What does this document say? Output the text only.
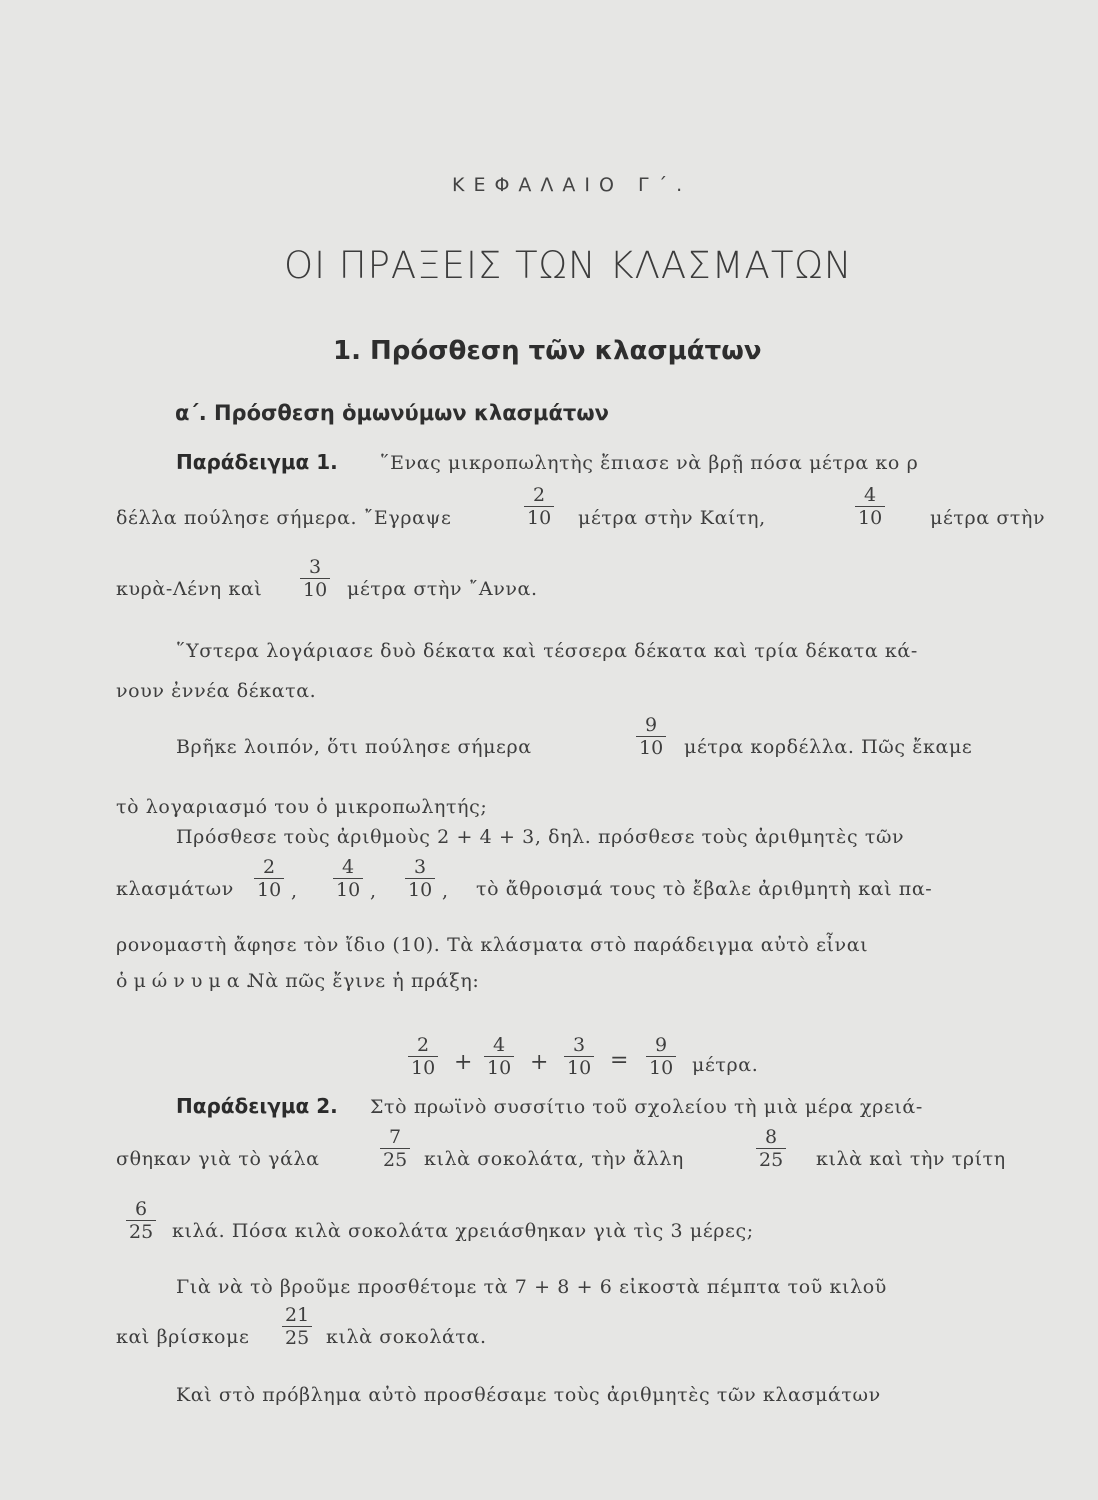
ΚΕΦΑΛΑΙΟ Γ΄.
ΟΙ ΠΡΑΞΕΙΣ ΤΩΝ ΚΛΑΣΜΑΤΩΝ
1. Πρόσθεση τῶν κλασμάτων
α΄. Πρόσθεση ὁμωνύμων κλασμάτων
Παράδειγμα 1. ῞Ενας μικροπωλητὴς ἔπιασε νὰ βρῇ πόσα μέτρα κο ρ
δέλλα πούλησε σήμερα. ῎Εγραψε	$\frac{2}{10}$ μέτρα στὴν Καίτη,	$\frac{4}{10}$ μέτρα στὴν
κυρὰ-Λένη καὶ $\frac{3}{10}$ μέτρα στὴν ῎Αννα.
῞Υστερα λογάριασε δυὸ δέκατα καὶ τέσσερα δέκατα καὶ τρία δέκατα κά-
νουν ἐννέα δέκατα.
Βρῆκε λοιπόν, ὅτι πούλησε σήμερα	$\frac{9}{10}$ μέτρα κορδέλλα. Πῶς ἔκαμε
τὸ λογαριασμό του ὁ μικροπωλητής;
Πρόσθεσε τοὺς ἀριθμοὺς 2 + 4 + 3, δηλ. πρόσθεσε τοὺς ἀριθμητὲς τῶν
κλασμάτων $\frac{2}{10}$ , $\frac{4}{10}$ , $\frac{3}{10}$ , τὸ ἄθροισμά τους τὸ ἔβαλε ἀριθμητὴ καὶ πα-
ρονομαστὴ ἄφησε τὸν ἴδιο (10). Τὰ κλάσματα στὸ παράδειγμα αὐτὸ εἶναι
ὁμώνυμα.
Νὰ πῶς ἔγινε ἡ πράξη:
$\frac{2}{10} + \frac{4}{10} + \frac{3}{10} = \frac{9}{10} \mu έ\tau\rho\alpha$.
Παράδειγμα 2. Στὸ πρωϊνὸ συσσίτιο τοῦ σχολείου τὴ μιὰ μέρα χρειά-
σθηκαν γιὰ τὸ γάλα	$\frac{7}{25}$ κιλὰ σοκολάτα, τὴν ἄλλη	$\frac{8}{25}$ κιλὰ καὶ τὴν τρίτη
$\frac{6}{25} \kappa\iota\lambda ά$. Πόσα κιλὰ σοκολάτα χρειάσθηκαν γιὰ τὶς 3 μέρες;
Γιὰ νὰ τὸ βροῦμε προσθέτομε τὰ 7 + 8 + 6 εἰκοστὰ πέμπτα τοῦ κιλοῦ
καὶ βρίσκομε $\frac{21}{25}$ κιλὰ σοκολάτα.
Καὶ στὸ πρόβλημα αὐτὸ προσθέσαμε τοὺς ἀριθμητὲς τῶν κλασμάτων
